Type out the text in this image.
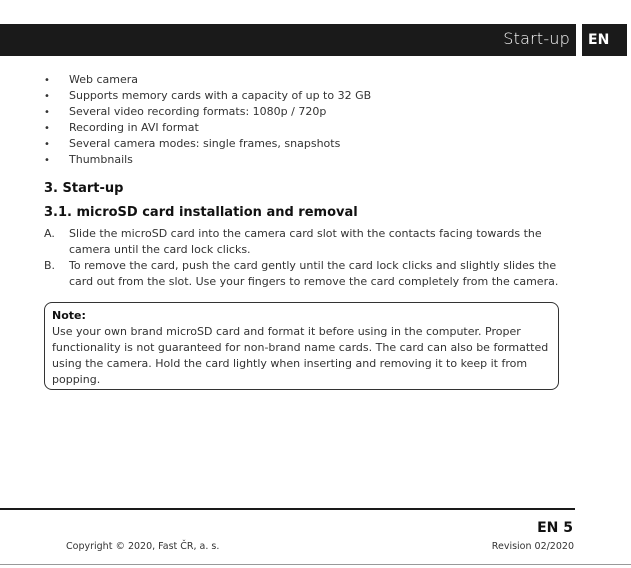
Start-up	EN
• Web camera
• Supports memory cards with a capacity of up to 32 GB
• Several video recording formats: 1080p / 720p
• Recording in AVI format
• Several camera modes: single frames, snapshots
• Thumbnails
3. Start-up
3.1. microSD card installation and removal
A.	Slide the microSD card into the camera card slot with the contacts facing towards the camera until the card lock clicks.
B.	To remove the card, push the card gently until the card lock clicks and slightly slides the card out from the slot. Use your fingers to remove the card completely from the camera.
Note:
Use your own brand microSD card and format it before using in the computer. Proper functionality is not guaranteed for non-brand name cards. The card can also be formatted using the camera. Hold the card lightly when inserting and removing it to keep it from popping.
EN 5
Copyright © 2020, Fast ČR, a. s.	Revision 02/2020
